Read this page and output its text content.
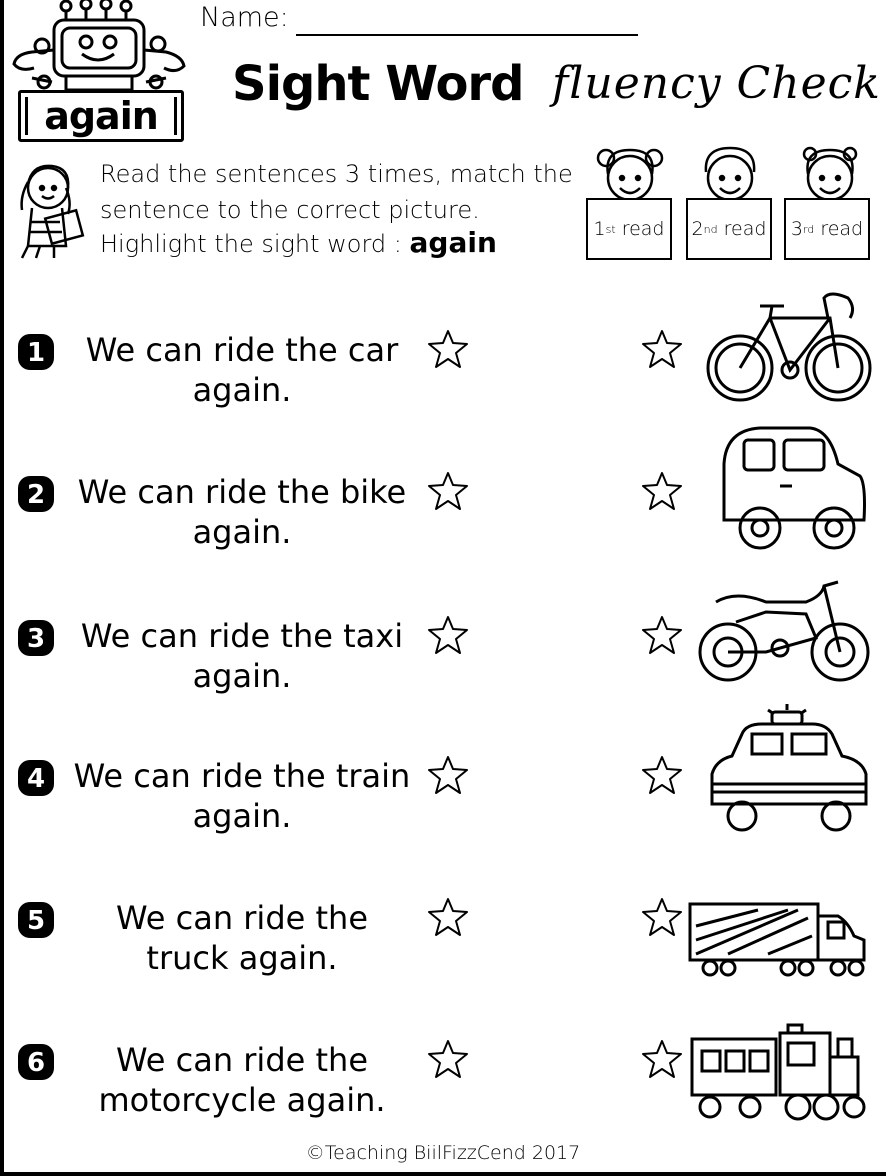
again
Name:
Sight Word fluency Check
Read the sentences 3 times, match the
sentence to the correct picture.
Highlight the sight word : again	1 st
read 2 nd
read 3 rd
read
1	We can ride the car
again.
2	We can ride the bike
again.
3	We can ride the taxi
again.
4 We can ride the train
again.
5	We can ride the
truck again.
6	We can ride the
motorcycle again.
©Teaching BiilFizzCend 2017
